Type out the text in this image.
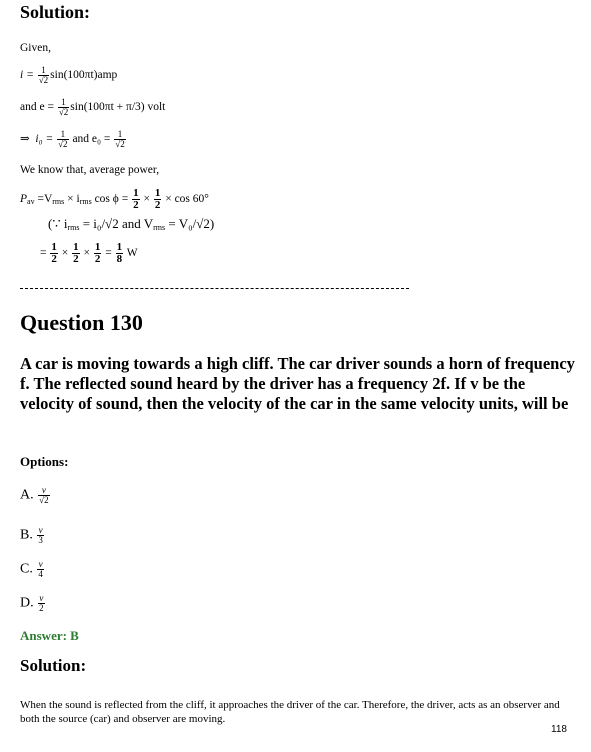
Solution:
Given,
$i = \frac{1}{√2} \sin(100\pi t)amp$
and $e = \frac{1}{√2} \sin(100\pi t + \pi/3)$ volt
⇒ $i_0 = \frac{1}{√2}$ and $e_0 = \frac{1}{√2}$
We know that, average power,
$P_{av} =V_{rms} \times i_{rms}$ $\cos \phi = \frac{1}{2} \times \frac{1}{2} \times \cos 60^\circ$
(∵ $i_{rms} = i_0/√2$ and $V_{rms} = V_0/√2$)
= $\frac{1}{2} \times \frac{1}{2} \times \frac{1}{2} = \frac{1}{8}$ W
Question 130
A car is moving towards a high cliff. The car driver sounds a horn of frequency f. The reflected sound heard by the driver has a frequency 2f. If v be the velocity of sound, then the velocity of the car in the same velocity units, will be
Options:
A. $\frac{v}{√2}$
B. $\frac{v}{3}$
C. $\frac{v}{4}$
D. $\frac{v}{2}$
Answer: B
Solution:
When the sound is reflected from the cliff, it approaches the driver of the car. Therefore, the driver, acts as an observer and both the source (car) and observer are moving.
118
